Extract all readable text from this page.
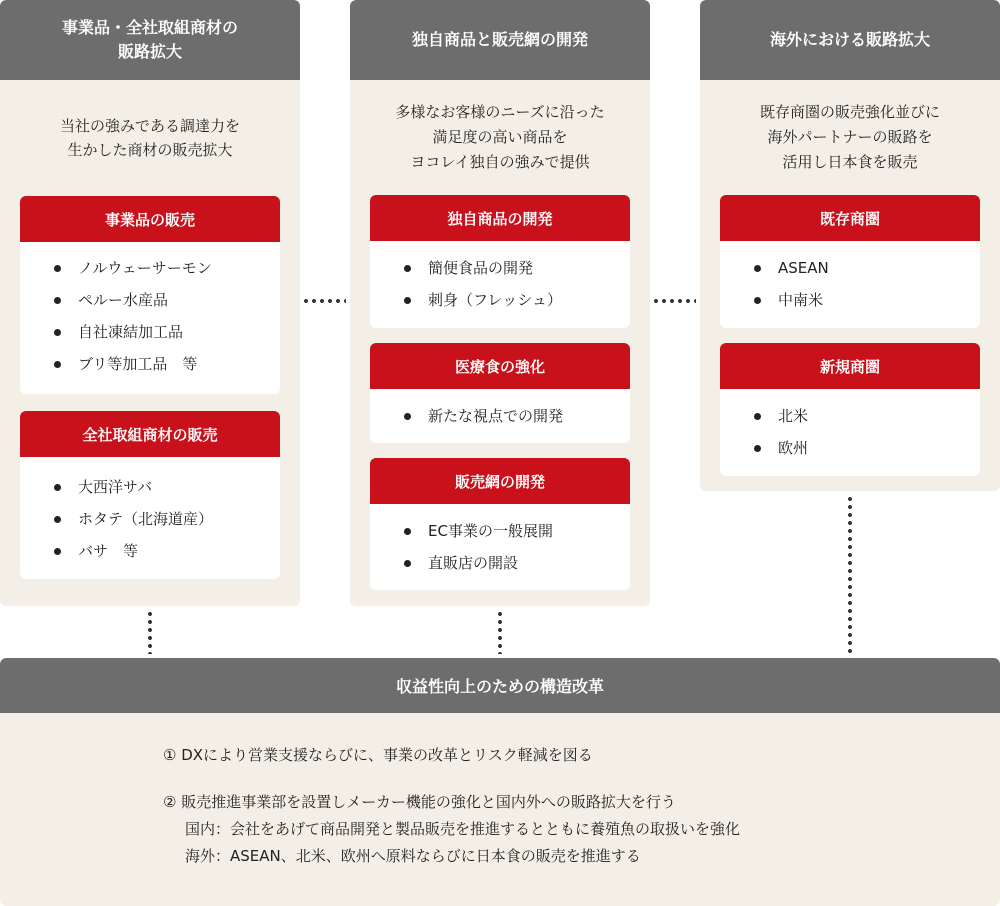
事業品・全社取組商材の
販路拡大
当社の強みである調達力を
生かした商材の販売拡大
事業品の販売
ノルウェーサーモン
ペルー水産品
自社凍結加工品
ブリ等加工品　等
全社取組商材の販売
大西洋サバ
ホタテ（北海道産）
バサ　等
独自商品と販売網の開発
多様なお客様のニーズに沿った
満足度の高い商品を
ヨコレイ独自の強みで提供
独自商品の開発
簡便食品の開発
刺身（フレッシュ）
医療食の強化
新たな視点での開発
販売網の開発
EC事業の一般展開
直販店の開設
海外における販路拡大
既存商圏の販売強化並びに
海外パートナーの販路を
活用し日本食を販売
既存商圏
ASEAN
中南米
新規商圏
北米
欧州
収益性向上のための構造改革

① DXにより営業支援ならびに、事業の改革とリスク軽減を図る

② 販売推進事業部を設置しメーカー機能の強化と国内外への販路拡大を行う

国内：会社をあげて商品開発と製品販売を推進するとともに養殖魚の取扱いを強化

海外：ASEAN、北米、欧州へ原料ならびに日本食の販売を推進する
